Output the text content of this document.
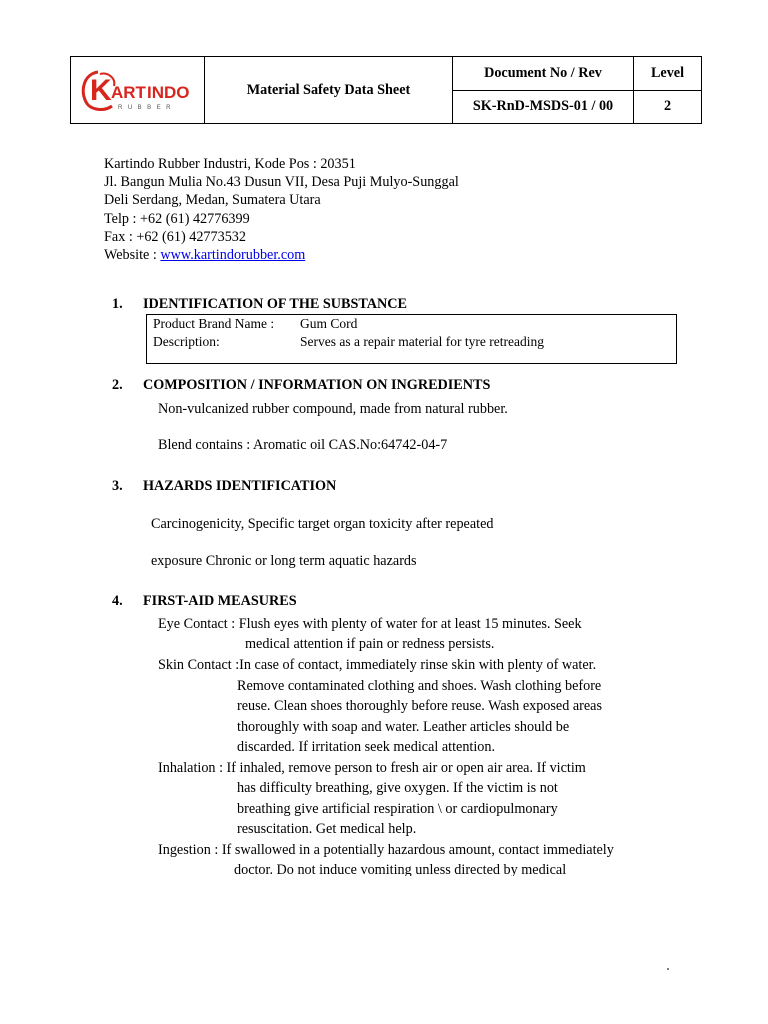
K ART INDO
RUBBER	Material Safety Data Sheet	Document No / Rev	Level
		SK-RnD-MSDS-01 / 00	2
Kartindo Rubber Industri, Kode Pos : 20351
Jl. Bangun Mulia No.43 Dusun VII, Desa Puji Mulyo-Sunggal
Deli Serdang, Medan, Sumatera Utara
Telp : +62 (61) 42776399
Fax : +62 (61) 42773532
Website : www.kartindorubber.com
1. IDENTIFICATION OF THE SUBSTANCE
Product Brand Name : Gum Cord
Description:	Serves as a repair material for tyre retreading
2. COMPOSITION / INFORMATION ON INGREDIENTS
Non-vulcanized rubber compound, made from natural rubber.
Blend contains : Aromatic oil CAS.No:64742-04-7
3. HAZARDS IDENTIFICATION
Carcinogenicity, Specific target organ toxicity after repeated
exposure Chronic or long term aquatic hazards
4. FIRST-AID MEASURES
Eye Contact : Flush eyes with plenty of water for at least 15 minutes. Seek
medical attention if pain or redness persists.
Skin Contact :In case of contact, immediately rinse skin with plenty of water.
Remove contaminated clothing and shoes. Wash clothing before
reuse. Clean shoes thoroughly before reuse. Wash exposed areas
thoroughly with soap and water. Leather articles should be
discarded. If irritation seek medical attention.
Inhalation : If inhaled, remove person to fresh air or open air area. If victim
has difficulty breathing, give oxygen. If the victim is not
breathing give artificial respiration \ or cardiopulmonary
resuscitation. Get medical help.
Ingestion : If swallowed in a potentially hazardous amount, contact immediately
doctor. Do not induce vomiting unless directed by medical
